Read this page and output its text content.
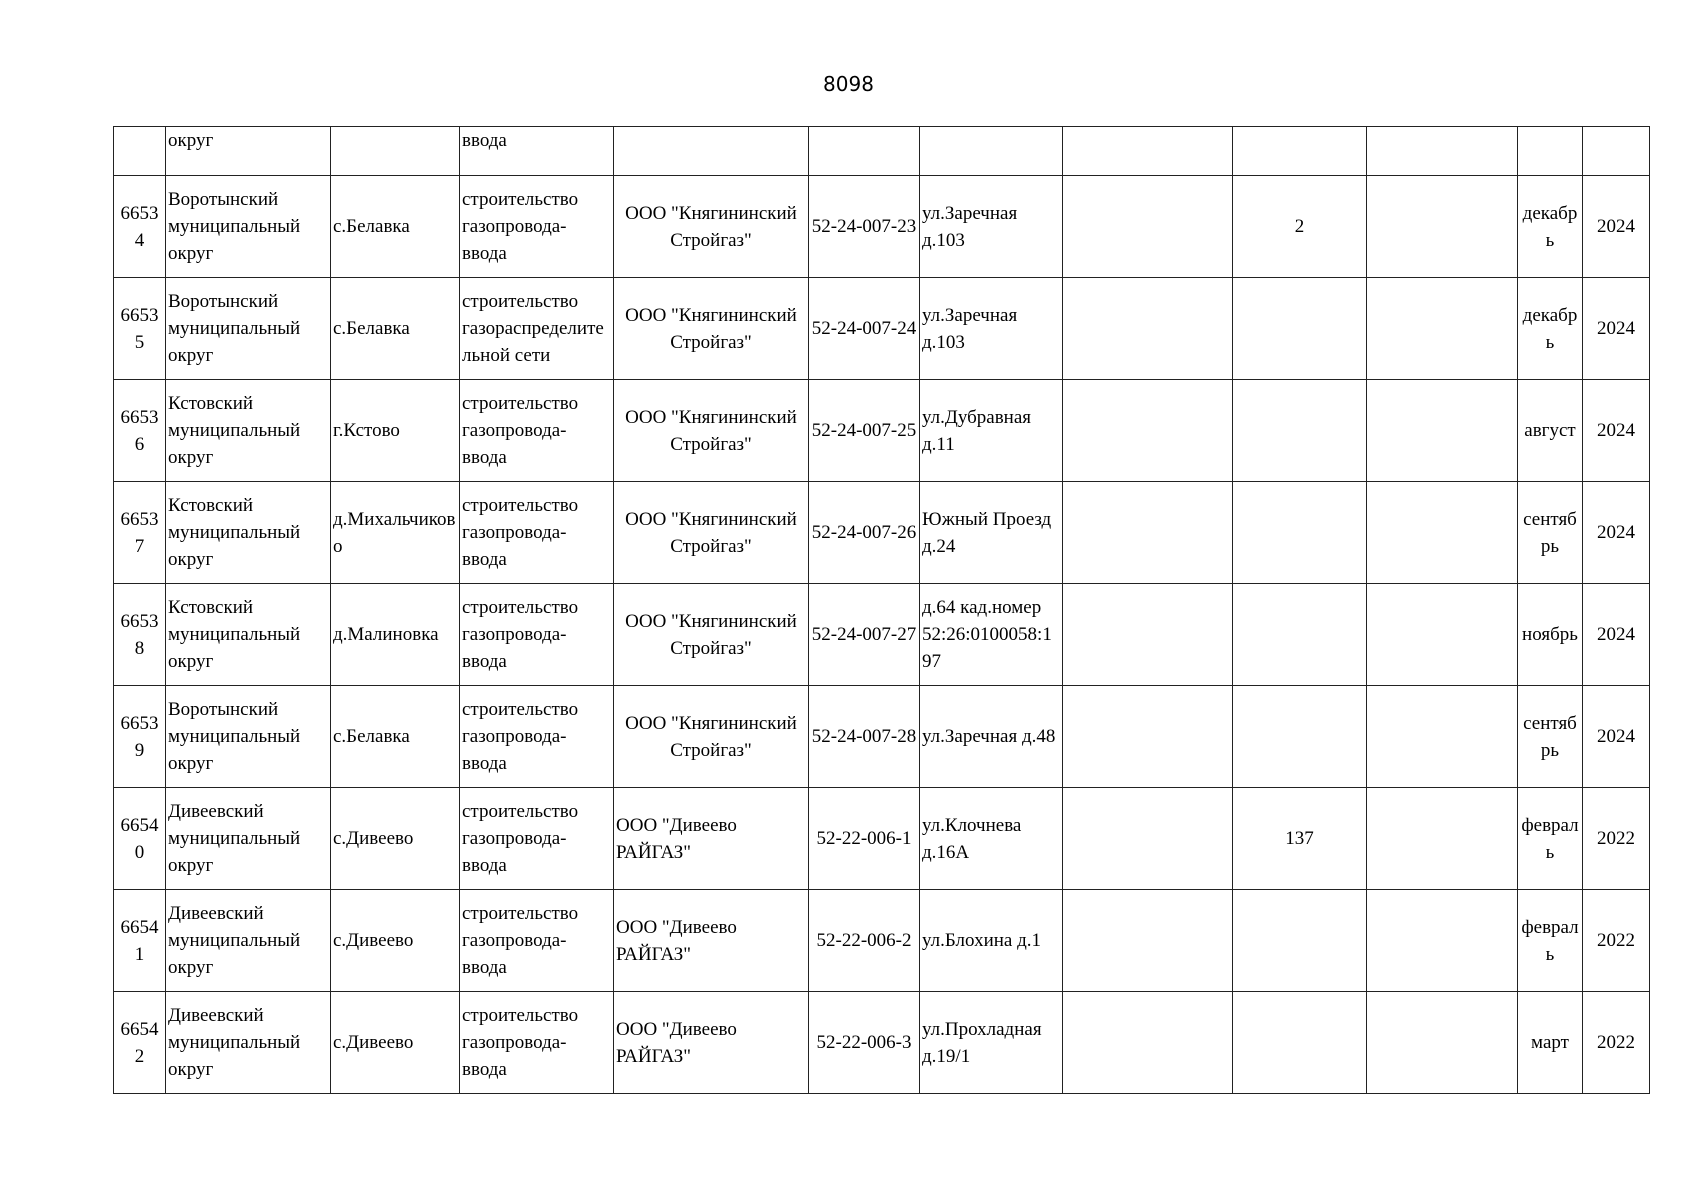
8098
	округ		ввода								
66534	Воротынский муниципальный округ	с.Белавка	строительство газопровода-ввода	ООО "Княгининский Стройгаз"	52-24-007-23	ул.Заречная д.103		2		декабрь	2024
66535	Воротынский муниципальный округ	с.Белавка	строительство газораспределительной сети	ООО "Княгининский Стройгаз"	52-24-007-24	ул.Заречная д.103				декабрь	2024
66536	Кстовский муниципальный округ	г.Кстово	строительство газопровода-ввода	ООО "Княгининский Стройгаз"	52-24-007-25	ул.Дубравная д.11				август	2024
66537	Кстовский муниципальный округ	д.Михальчиково	строительство газопровода-ввода	ООО "Княгининский Стройгаз"	52-24-007-26	Южный Проезд д.24				сентябрь	2024
66538	Кстовский муниципальный округ	д.Малиновка	строительство газопровода-ввода	ООО "Княгининский Стройгаз"	52-24-007-27	д.64 кад.номер 52:26:0100058:197				ноябрь	2024
66539	Воротынский муниципальный округ	с.Белавка	строительство газопровода-ввода	ООО "Княгининский Стройгаз"	52-24-007-28	ул.Заречная д.48				сентябрь	2024
66540	Дивеевский муниципальный округ	с.Дивеево	строительство газопровода-ввода	ООО "Дивеево РАЙГАЗ"	52-22-006-1	ул.Клочнева д.16А		137		февраль	2022
66541	Дивеевский муниципальный округ	с.Дивеево	строительство газопровода-ввода	ООО "Дивеево РАЙГАЗ"	52-22-006-2	ул.Блохина д.1				февраль	2022
66542	Дивеевский муниципальный округ	с.Дивеево	строительство газопровода-ввода	ООО "Дивеево РАЙГАЗ"	52-22-006-3	ул.Прохладная д.19/1				март	2022
